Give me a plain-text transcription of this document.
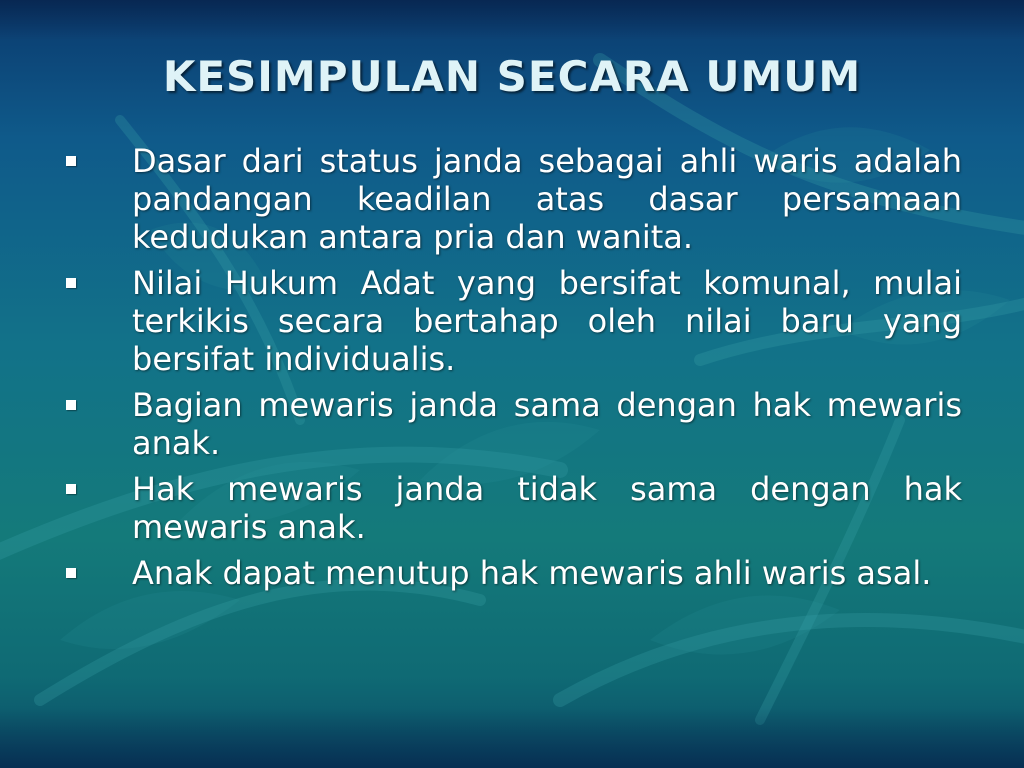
KESIMPULAN SECARA UMUM
Dasar dari status janda sebagai ahli waris adalah pandangan keadilan atas dasar persamaan kedudukan antara pria dan wanita.
Nilai Hukum Adat yang bersifat komunal, mulai terkikis secara bertahap oleh nilai baru yang bersifat individualis.
Bagian mewaris janda sama dengan hak mewaris anak.
Hak mewaris janda tidak sama dengan hak mewaris anak.
Anak dapat menutup hak mewaris ahli waris asal.
